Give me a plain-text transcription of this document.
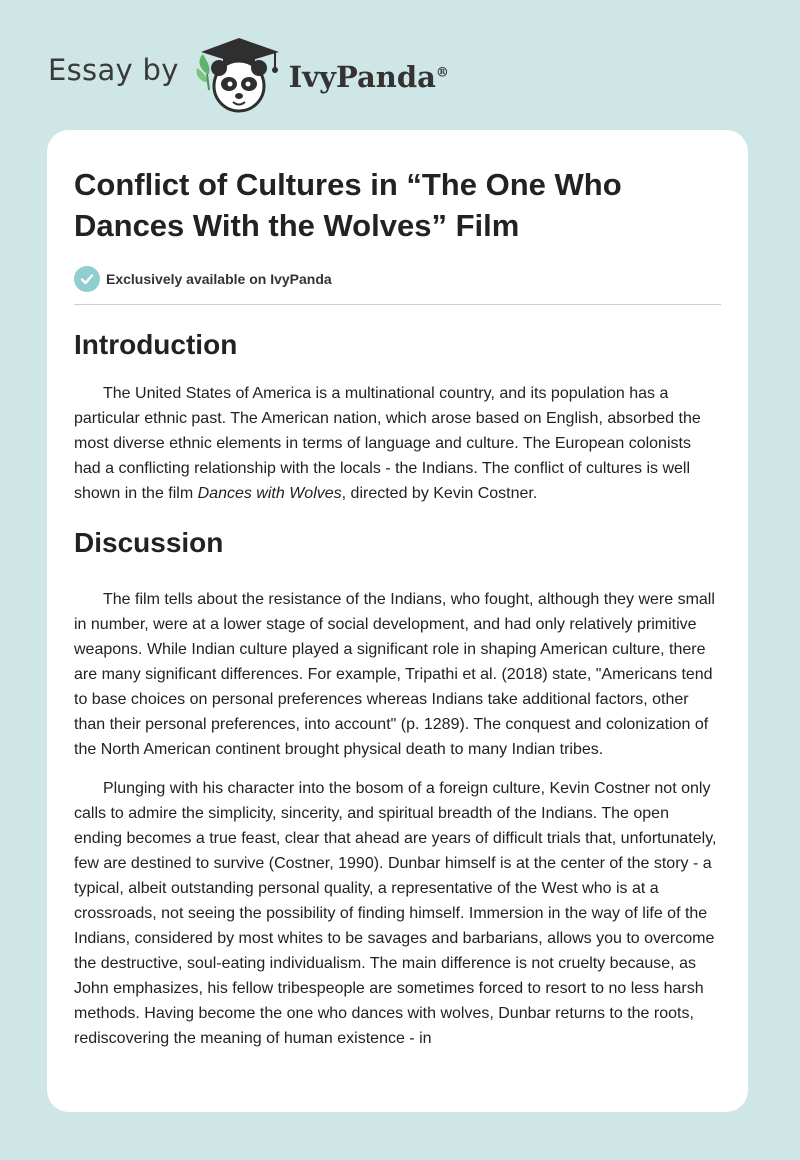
Essay by	IvyPanda®
Conflict of Cultures in “The One Who Dances With the Wolves” Film
Exclusively available on IvyPanda
Introduction

The United States of America is a multinational country, and its population has a particular ethnic past. The American nation, which arose based on English, absorbed the most diverse ethnic elements in terms of language and culture. The European colonists had a conflicting relationship with the locals - the Indians. The conflict of cultures is well shown in the film Dances with Wolves, directed by Kevin Costner.

Discussion

The film tells about the resistance of the Indians, who fought, although they were small in number, were at a lower stage of social development, and had only relatively primitive weapons. While Indian culture played a significant role in shaping American culture, there are many significant differences. For example, Tripathi et al. (2018) state, "Americans tend to base choices on personal preferences whereas Indians take additional factors, other than their personal preferences, into account" (p. 1289). The conquest and colonization of the North American continent brought physical death to many Indian tribes.

Plunging with his character into the bosom of a foreign culture, Kevin Costner not only calls to admire the simplicity, sincerity, and spiritual breadth of the Indians. The open ending becomes a true feast, clear that ahead are years of difficult trials that, unfortunately, few are destined to survive (Costner, 1990). Dunbar himself is at the center of the story - a typical, albeit outstanding personal quality, a representative of the West who is at a crossroads, not seeing the possibility of finding himself. Immersion in the way of life of the Indians, considered by most whites to be savages and barbarians, allows you to overcome the destructive, soul-eating individualism. The main difference is not cruelty because, as John emphasizes, his fellow tribespeople are sometimes forced to resort to no less harsh methods. Having become the one who dances with wolves, Dunbar returns to the roots, rediscovering the meaning of human existence - in
